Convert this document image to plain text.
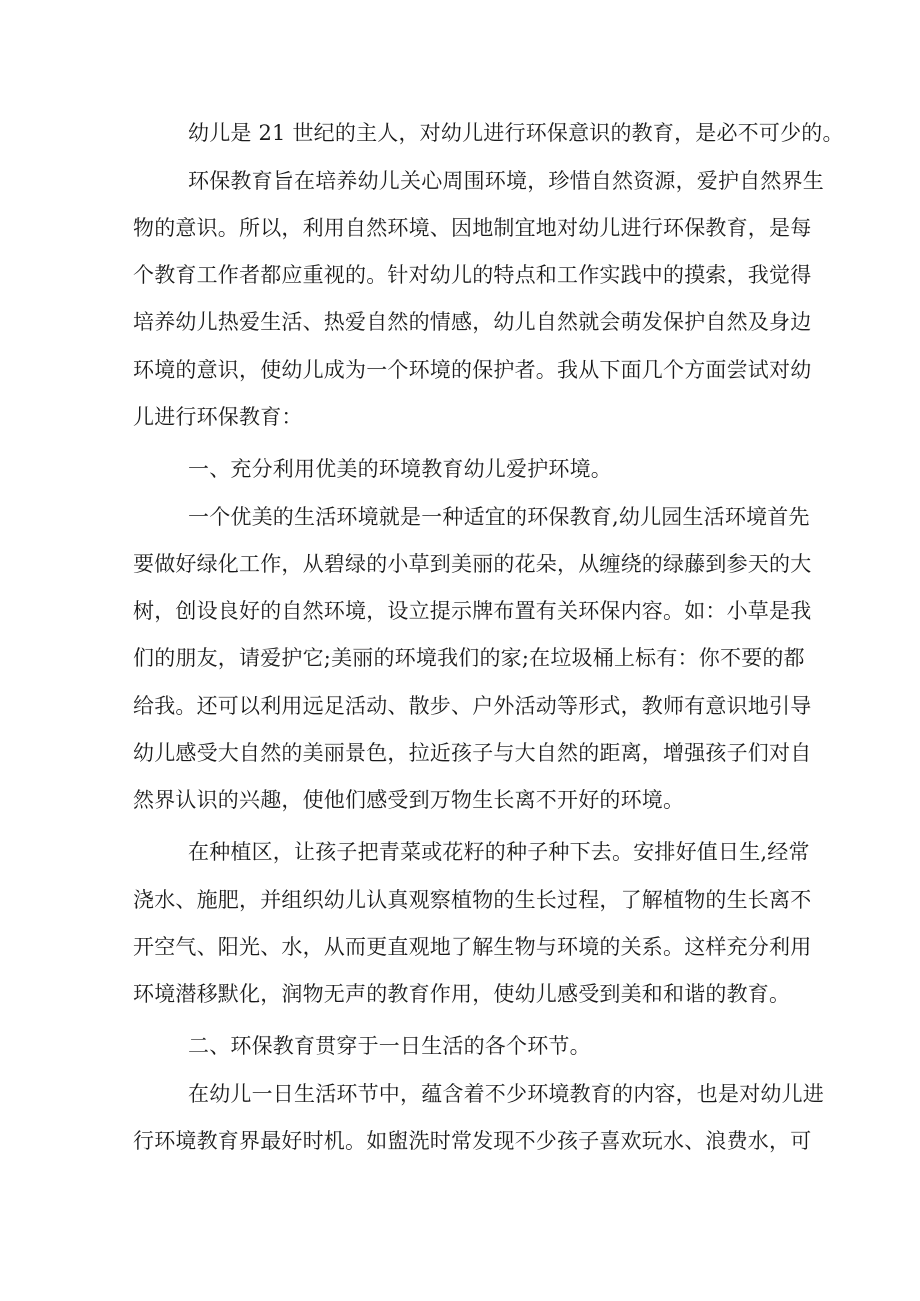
幼儿是 21 世纪的主人，对幼儿进行环保意识的教育，是必不可少的。
环保教育旨在培养幼儿关心周围环境，珍惜自然资源，爱护自然界生
物的意识。所以，利用自然环境、因地制宜地对幼儿进行环保教育，是每
个教育工作者都应重视的。针对幼儿的特点和工作实践中的摸索，我觉得
培养幼儿热爱生活、热爱自然的情感，幼儿自然就会萌发保护自然及身边
环境的意识，使幼儿成为一个环境的保护者。我从下面几个方面尝试对幼
儿进行环保教育：
一、充分利用优美的环境教育幼儿爱护环境。
一个优美的生活环境就是一种适宜的环保教育,幼儿园生活环境首先
要做好绿化工作，从碧绿的小草到美丽的花朵，从缠绕的绿藤到参天的大
树，创设良好的自然环境，设立提示牌布置有关环保内容。如：小草是我
们的朋友，请爱护它;美丽的环境我们的家;在垃圾桶上标有：你不要的都
给我。还可以利用远足活动、散步、户外活动等形式，教师有意识地引导
幼儿感受大自然的美丽景色，拉近孩子与大自然的距离，增强孩子们对自
然界认识的兴趣，使他们感受到万物生长离不开好的环境。
在种植区，让孩子把青菜或花籽的种子种下去。安排好值日生,经常
浇水、施肥，并组织幼儿认真观察植物的生长过程，了解植物的生长离不
开空气、阳光、水，从而更直观地了解生物与环境的关系。这样充分利用
环境潜移默化，润物无声的教育作用，使幼儿感受到美和和谐的教育。
二、环保教育贯穿于一日生活的各个环节。
在幼儿一日生活环节中，蕴含着不少环境教育的内容，也是对幼儿进
行环境教育界最好时机。如盥洗时常发现不少孩子喜欢玩水、浪费水，可
